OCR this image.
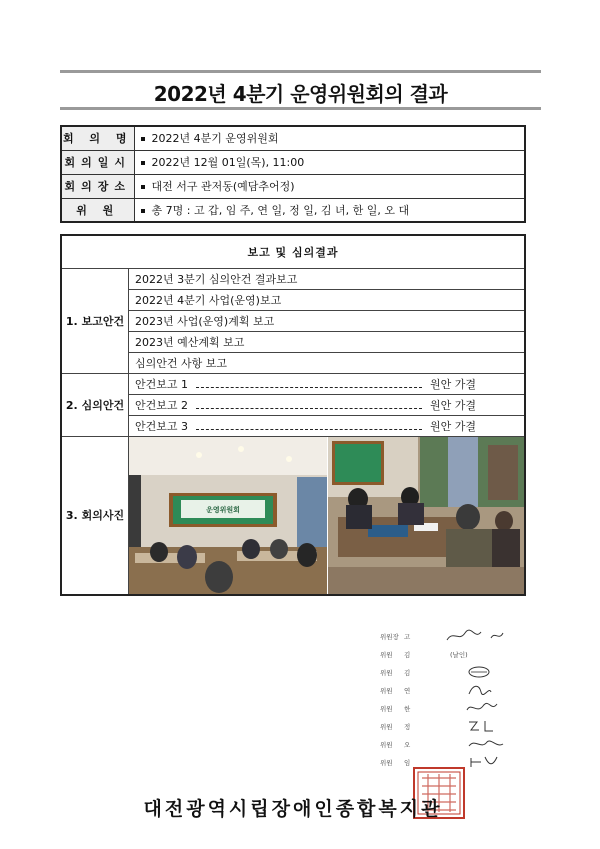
2022년 4분기 운영위원회의 결과
회 의 명	2022년 4분기 운영위원회
회의일시	2022년 12월 01일(목), 11:00
회의장소	대전 서구 관저동(예담추어정)
위 원	총 7명 : 고 갑, 임 주, 연 일, 정 일, 김 녀, 한 일, 오 대
보고 및 심의결과	
1. 보고안건	2022년 3분기 심의안건 결과보고
	2022년 4분기 사업(운영)보고
	2023년 사업(운영)계획 보고
	2023년 예산계획 보고
	심의안건 사항 보고
2. 심의안건	안건보고 1 원안 가결

	안건보고 2 원안 가결

	안건보고 3 원안 가결

3. 회의사진	운영위원회
위원장 고
위원	김	(날인)
위원	김
위원	연
위원	한
위원	정
위원	오
위원	임
대전광역시립장애인종합복지관
